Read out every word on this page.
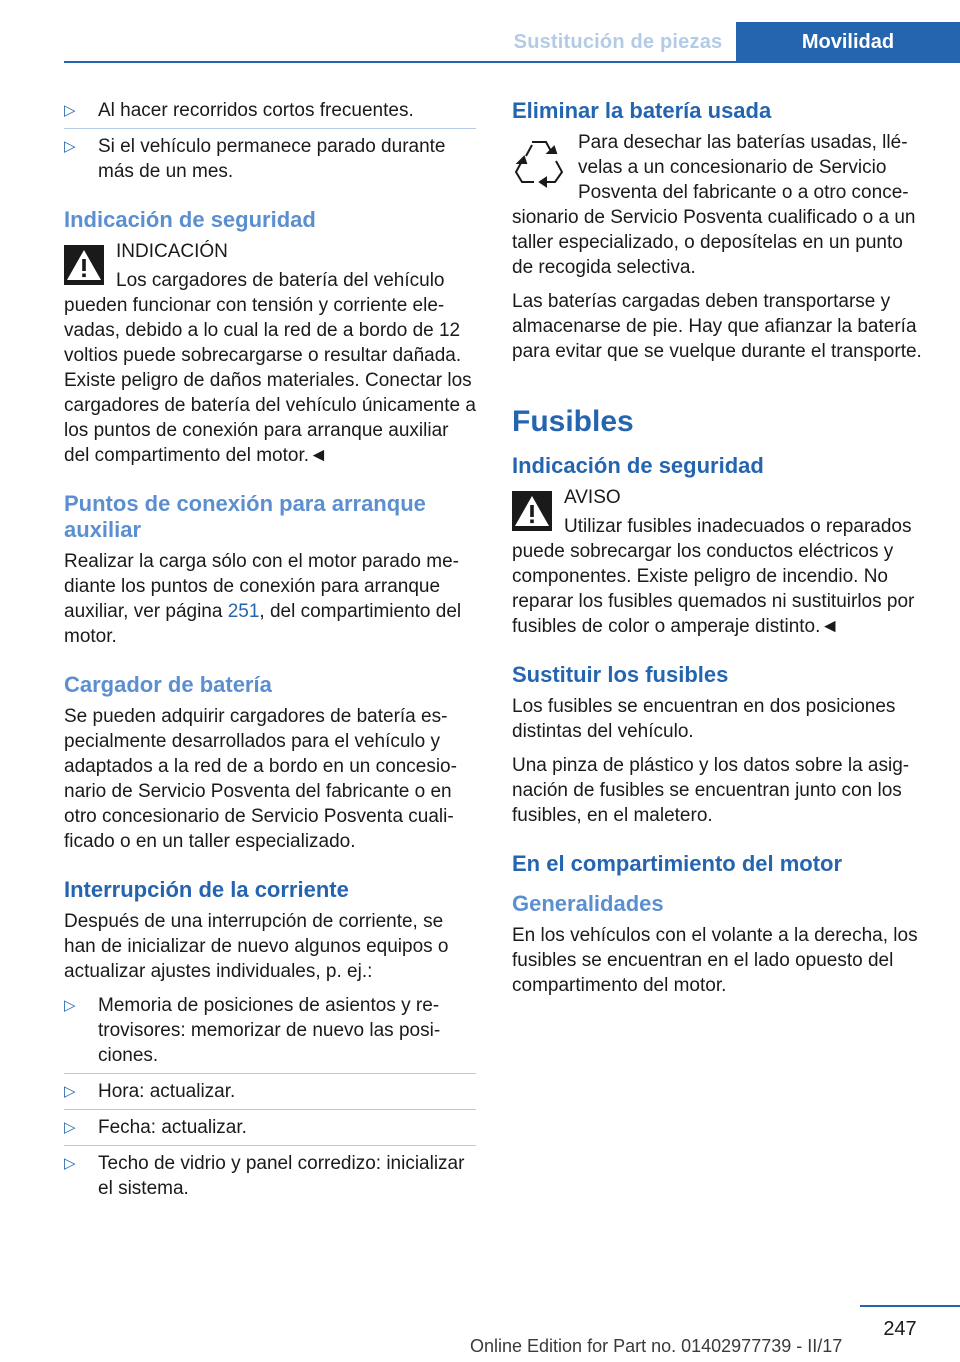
Sustitución de piezas	Movilidad
▷	Al hacer recorridos cortos frecuentes.
▷	Si el vehículo permanece parado durante más de un mes.
Indicación de seguridad

INDICACIÓN

Los cargadores de batería del vehículo pueden funcionar con tensión y corriente elevadas, debido a lo cual la red de a bordo de 12 voltios puede sobrecargarse o resultar dañada. Existe peligro de daños materiales. Conectar los cargadores de batería del vehículo únicamente a los puntos de conexión para arranque auxiliar del compartimento del motor.◄

Puntos de conexión para arranque auxiliar

Realizar la carga sólo con el motor parado mediante los puntos de conexión para arranque auxiliar, ver página 251, del compartimiento del motor.

Cargador de batería

Se pueden adquirir cargadores de batería especialmente desarrollados para el vehículo y adaptados a la red de a bordo en un concesionario de Servicio Posventa del fabricante o en otro concesionario de Servicio Posventa cualificado o en un taller especializado.

Interrupción de la corriente

Después de una interrupción de corriente, se han de inicializar de nuevo algunos equipos o actualizar ajustes individuales, p. ej.:

▷	Memoria de posiciones de asientos y retrovisores: memorizar de nuevo las posiciones.
▷	Hora: actualizar.
▷	Fecha: actualizar.
▷	Techo de vidrio y panel corredizo: inicializar el sistema.
Eliminar la batería usada

Para desechar las baterías usadas, llévelas a un concesionario de Servicio Posventa del fabricante o a otro concesionario de Servicio Posventa cualificado o a un taller especializado, o deposítelas en un punto de recogida selectiva.

Las baterías cargadas deben transportarse y almacenarse de pie. Hay que afianzar la batería para evitar que se vuelque durante el transporte.

Fusibles
Indicación de seguridad

AVISO

Utilizar fusibles inadecuados o reparados puede sobrecargar los conductos eléctricos y componentes. Existe peligro de incendio. No reparar los fusibles quemados ni sustituirlos por fusibles de color o amperaje distinto.◄

Sustituir los fusibles

Los fusibles se encuentran en dos posiciones distintas del vehículo.

Una pinza de plástico y los datos sobre la asignación de fusibles se encuentran junto con los fusibles, en el maletero.

En el compartimiento del motor
Generalidades

En los vehículos con el volante a la derecha, los fusibles se encuentran en el lado opuesto del compartimento del motor.

247
Online Edition for Part no. 01402977739 - II/17
